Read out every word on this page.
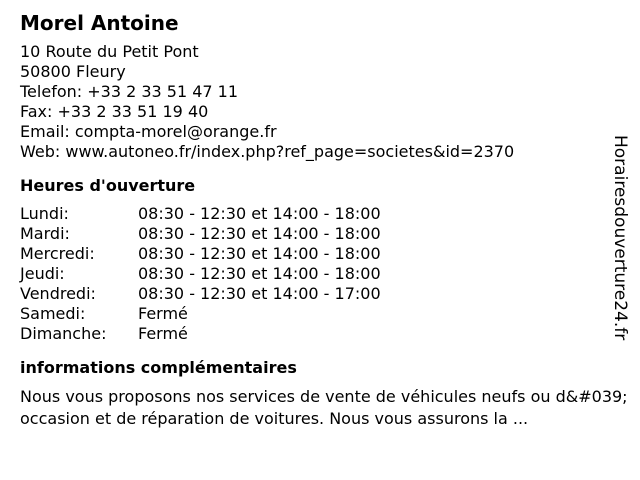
Morel Antoine
10 Route du Petit Pont
50800 Fleury
Telefon: +33 2 33 51 47 11
Fax: +33 2 33 51 19 40
Email: compta-morel@orange.fr
Web: www.autoneo.fr/index.php?ref_page=societes&id=2370
Heures d'ouverture
Lundi:	08:30 - 12:30 et 14:00 - 18:00
Mardi:	08:30 - 12:30 et 14:00 - 18:00
Mercredi:	08:30 - 12:30 et 14:00 - 18:00
Jeudi:	08:30 - 12:30 et 14:00 - 18:00
Vendredi:	08:30 - 12:30 et 14:00 - 17:00
Samedi:	Fermé
Dimanche:	Fermé
informations complémentaires
Nous vous proposons nos services de vente de véhicules neufs ou d&#039;occasion et de réparation de voitures. Nous vous assurons la ...
Horairesdouverture24.fr
